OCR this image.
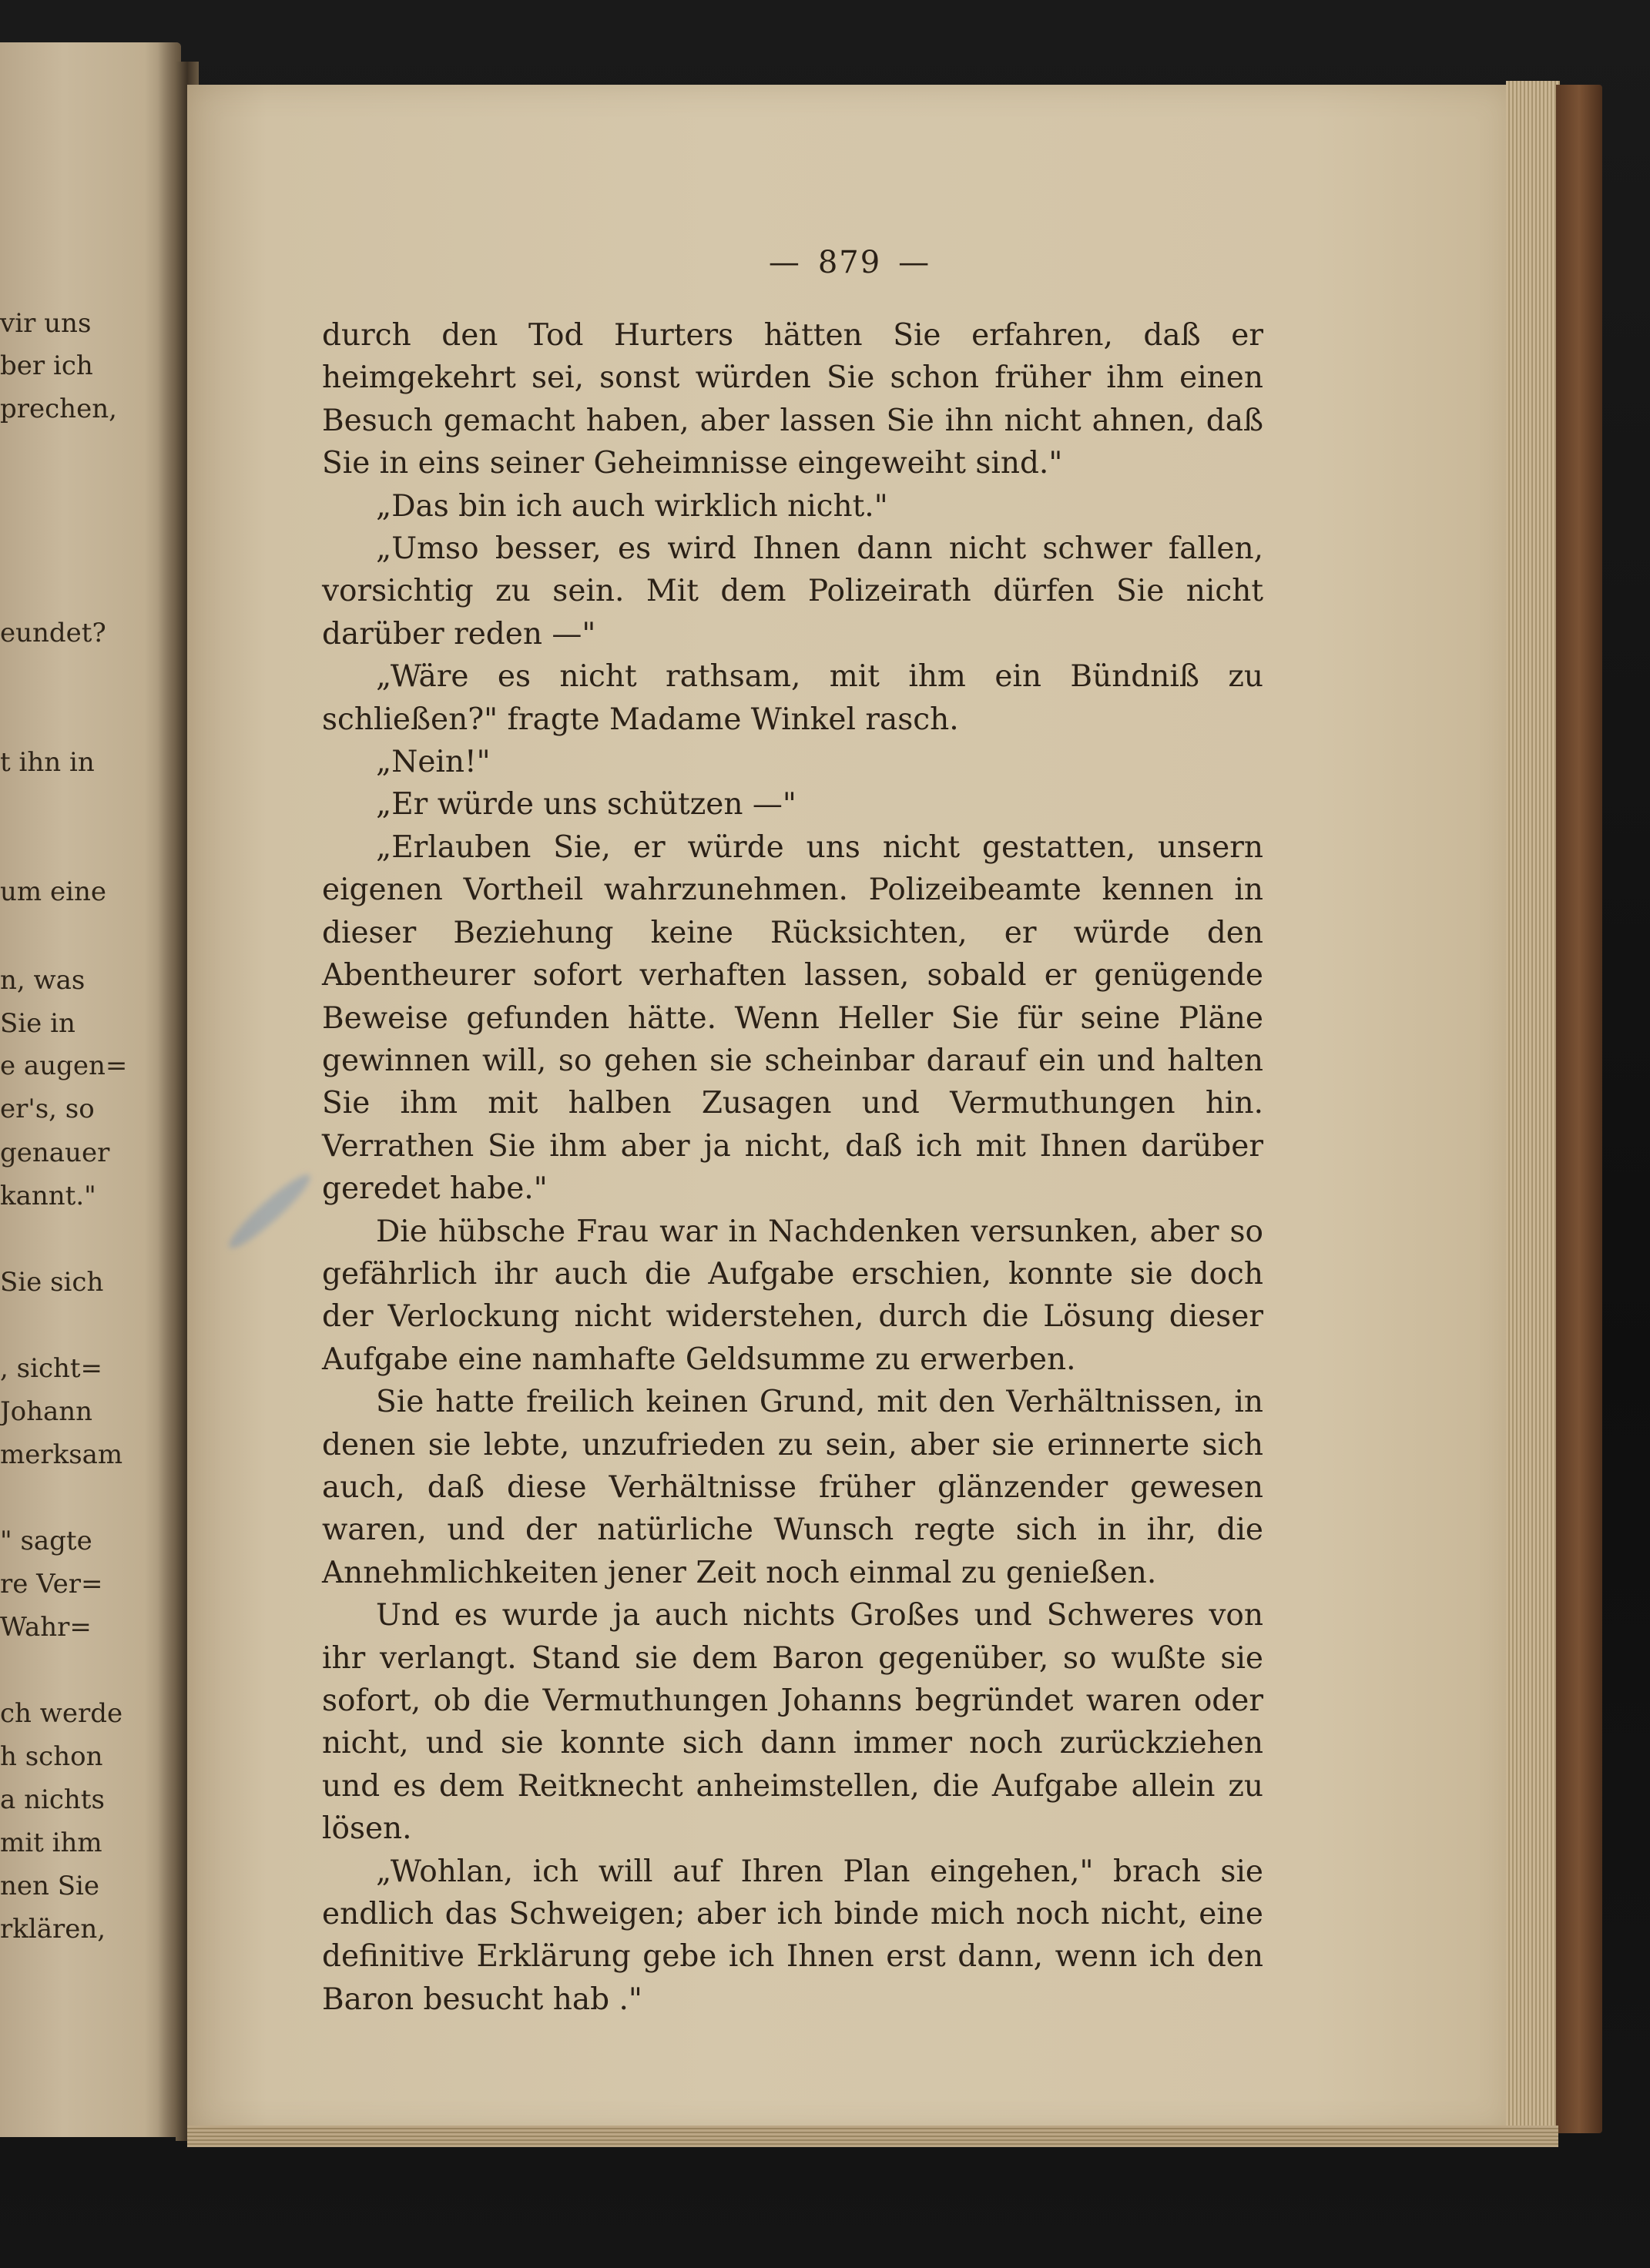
vir uns
ber ich
prechen,
eundet?
t ihn in
um eine
n, was
Sie in
e augen=
er's, so
genauer
kannt."
Sie sich
, sicht=
Johann
merksam
" sagte
re Ver=
Wahr=
ch werde
h schon
a nichts
mit ihm
nen Sie
rklären,
— 879 —

durch den Tod Hurters hätten Sie erfahren, daß er heimgekehrt sei, sonst würden Sie schon früher ihm einen Besuch gemacht haben, aber lassen Sie ihn nicht ahnen, daß Sie in eins seiner Geheimnisse eingeweiht sind."

„Das bin ich auch wirklich nicht."

„Umso besser, es wird Ihnen dann nicht schwer fallen, vorsichtig zu sein. Mit dem Polizeirath dürfen Sie nicht darüber reden —"

„Wäre es nicht rathsam, mit ihm ein Bündniß zu schließen?" fragte Madame Winkel rasch.

„Nein!"

„Er würde uns schützen —"

„Erlauben Sie, er würde uns nicht gestatten, unsern eigenen Vortheil wahrzunehmen. Polizeibeamte kennen in dieser Beziehung keine Rücksichten, er würde den Abentheurer sofort verhaften lassen, sobald er genügende Beweise gefunden hätte. Wenn Heller Sie für seine Pläne gewinnen will, so gehen sie scheinbar darauf ein und halten Sie ihm mit halben Zusagen und Vermuthungen hin. Verrathen Sie ihm aber ja nicht, daß ich mit Ihnen darüber geredet habe."

Die hübsche Frau war in Nachdenken versunken, aber so gefährlich ihr auch die Aufgabe erschien, konnte sie doch der Verlockung nicht widerstehen, durch die Lösung dieser Aufgabe eine namhafte Geldsumme zu erwerben.

Sie hatte freilich keinen Grund, mit den Verhältnissen, in denen sie lebte, unzufrieden zu sein, aber sie erinnerte sich auch, daß diese Verhältnisse früher glänzender gewesen waren, und der natürliche Wunsch regte sich in ihr, die Annehmlichkeiten jener Zeit noch einmal zu genießen.

Und es wurde ja auch nichts Großes und Schweres von ihr verlangt. Stand sie dem Baron gegenüber, so wußte sie sofort, ob die Vermuthungen Johanns begründet waren oder nicht, und sie konnte sich dann immer noch zurückziehen und es dem Reitknecht anheimstellen, die Aufgabe allein zu lösen.

„Wohlan, ich will auf Ihren Plan eingehen," brach sie endlich das Schweigen; aber ich binde mich noch nicht, eine definitive Erklärung gebe ich Ihnen erst dann, wenn ich den Baron besucht hab ."
